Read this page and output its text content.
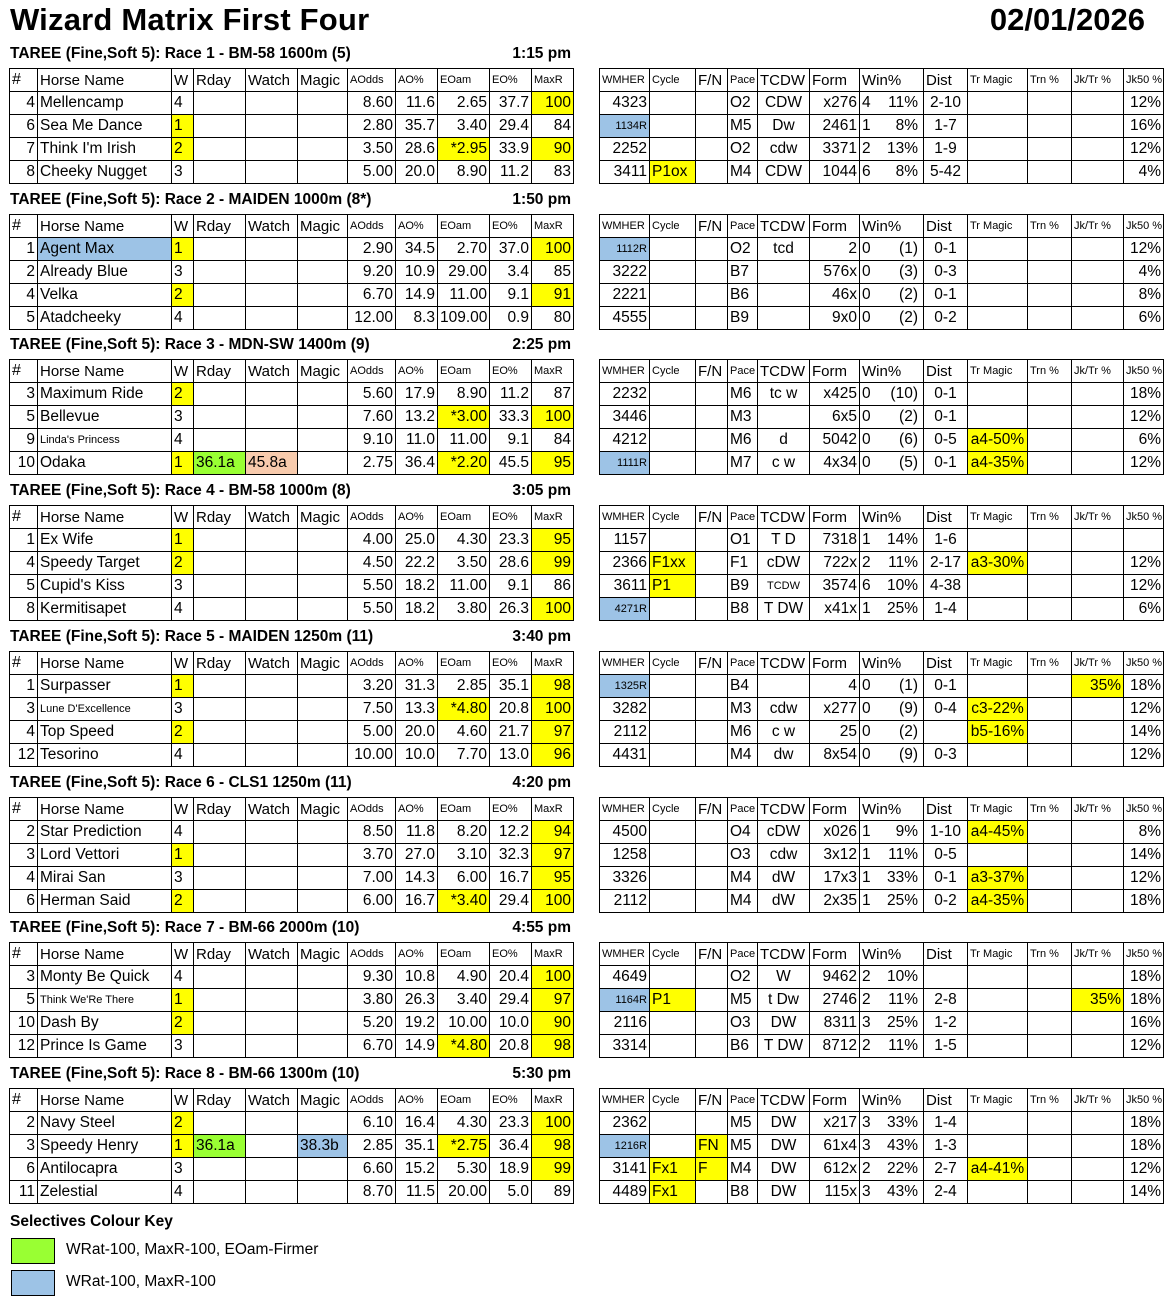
Wizard Matrix First Four	02/01/2026
TAREE (Fine,Soft 5): Race 1 - BM-58 1600m (5)	1:15 pm
#	Horse Name	W	Rday	Watch	Magic	AOdds	AO%	EOam	EO%	MaxR
4	Mellencamp	4				8.60	11.6	2.65	37.7	100
6	Sea Me Dance	1				2.80	35.7	3.40	29.4	84
7	Think I'm Irish	2				3.50	28.6	*2.95	33.9	90
8	Cheeky Nugget	3				5.00	20.0	8.90	11.2	83
WMHER	Cycle	F/N	Pace	TCDW	Form	Win%	Dist	Tr Magic	Trn %	Jk/Tr %	Jk50 %
4323			O2	CDW	x276	4 11%	2-10				12%
1134R			M5	Dw	2461	1 8%	1-7				16%
2252			O2	cdw	3371	2 13%	1-9				12%
3411	P1ox		M4	CDW	1044	6 8%	5-42				4%
TAREE (Fine,Soft 5): Race 2 - MAIDEN 1000m (8*)	1:50 pm
#	Horse Name	W	Rday	Watch	Magic	AOdds	AO%	EOam	EO%	MaxR
1	Agent Max	1				2.90	34.5	2.70	37.0	100
2	Already Blue	3				9.20	10.9	29.00	3.4	85
4	Velka	2				6.70	14.9	11.00	9.1	91
5	Atadcheeky	4				12.00	8.3	109.00	0.9	80
WMHER	Cycle	F/N	Pace	TCDW	Form	Win%	Dist	Tr Magic	Trn %	Jk/Tr %	Jk50 %
1112R			O2	tcd	2	0 (1)	0-1				12%
3222			B7		576x	0 (3)	0-3				4%
2221			B6		46x	0 (2)	0-1				8%
4555			B9		9x0	0 (2)	0-2				6%
TAREE (Fine,Soft 5): Race 3 - MDN-SW 1400m (9)	2:25 pm
#	Horse Name	W	Rday	Watch	Magic	AOdds	AO%	EOam	EO%	MaxR
3	Maximum Ride	2				5.60	17.9	8.90	11.2	87
5	Bellevue	3				7.60	13.2	*3.00	33.3	100
9	Linda's Princess	4				9.10	11.0	11.00	9.1	84
10	Odaka	1	36.1a	45.8a		2.75	36.4	*2.20	45.5	95
WMHER	Cycle	F/N	Pace	TCDW	Form	Win%	Dist	Tr Magic	Trn %	Jk/Tr %	Jk50 %
2232			M6	tc w	x425	0 (10)	0-1				18%
3446			M3		6x5	0 (2)	0-1				12%
4212			M6	d	5042	0 (6)	0-5	a4-50%			6%
1111R			M7	c w	4x34	0 (5)	0-1	a4-35%			12%
TAREE (Fine,Soft 5): Race 4 - BM-58 1000m (8)	3:05 pm
#	Horse Name	W	Rday	Watch	Magic	AOdds	AO%	EOam	EO%	MaxR
1	Ex Wife	1				4.00	25.0	4.30	23.3	95
4	Speedy Target	2				4.50	22.2	3.50	28.6	99
5	Cupid's Kiss	3				5.50	18.2	11.00	9.1	86
8	Kermitisapet	4				5.50	18.2	3.80	26.3	100
WMHER	Cycle	F/N	Pace	TCDW	Form	Win%	Dist	Tr Magic	Trn %	Jk/Tr %	Jk50 %
1157			O1	T D	7318	1 14%	1-6				
2366	F1xx		F1	cDW	722x	2 11%	2-17	a3-30%			12%
3611	P1		B9	TCDW	3574	6 10%	4-38				12%
4271R			B8	T DW	x41x	1 25%	1-4				6%
TAREE (Fine,Soft 5): Race 5 - MAIDEN 1250m (11)	3:40 pm
#	Horse Name	W	Rday	Watch	Magic	AOdds	AO%	EOam	EO%	MaxR
1	Surpasser	1				3.20	31.3	2.85	35.1	98
3	Lune D'Excellence	3				7.50	13.3	*4.80	20.8	100
4	Top Speed	2				5.00	20.0	4.60	21.7	97
12	Tesorino	4				10.00	10.0	7.70	13.0	96
WMHER	Cycle	F/N	Pace	TCDW	Form	Win%	Dist	Tr Magic	Trn %	Jk/Tr %	Jk50 %
1325R			B4		4	0 (1)	0-1			35%	18%
3282			M3	cdw	x277	0 (9)	0-4	c3-22%			12%
2112			M6	c w	25	0 (2)		b5-16%			14%
4431			M4	dw	8x54	0 (9)	0-3				12%
TAREE (Fine,Soft 5): Race 6 - CLS1 1250m (11)	4:20 pm
#	Horse Name	W	Rday	Watch	Magic	AOdds	AO%	EOam	EO%	MaxR
2	Star Prediction	4				8.50	11.8	8.20	12.2	94
3	Lord Vettori	1				3.70	27.0	3.10	32.3	97
4	Mirai San	3				7.00	14.3	6.00	16.7	95
6	Herman Said	2				6.00	16.7	*3.40	29.4	100
WMHER	Cycle	F/N	Pace	TCDW	Form	Win%	Dist	Tr Magic	Trn %	Jk/Tr %	Jk50 %
4500			O4	cDW	x026	1 9%	1-10	a4-45%			8%
1258			O3	cdw	3x12	1 11%	0-5				14%
3326			M4	dW	17x3	1 33%	0-1	a3-37%			12%
2112			M4	dW	2x35	1 25%	0-2	a4-35%			18%
TAREE (Fine,Soft 5): Race 7 - BM-66 2000m (10)	4:55 pm
#	Horse Name	W	Rday	Watch	Magic	AOdds	AO%	EOam	EO%	MaxR
3	Monty Be Quick	4				9.30	10.8	4.90	20.4	100
5	Think We'Re There	1				3.80	26.3	3.40	29.4	97
10	Dash By	2				5.20	19.2	10.00	10.0	90
12	Prince Is Game	3				6.70	14.9	*4.80	20.8	98
WMHER	Cycle	F/N	Pace	TCDW	Form	Win%	Dist	Tr Magic	Trn %	Jk/Tr %	Jk50 %
4649			O2	W	9462	2 10%					18%
1164R	P1		M5	t Dw	2746	2 11%	2-8			35%	18%
2116			O3	DW	8311	3 25%	1-2				16%
3314			B6	T DW	8712	2 11%	1-5				12%
TAREE (Fine,Soft 5): Race 8 - BM-66 1300m (10)	5:30 pm
#	Horse Name	W	Rday	Watch	Magic	AOdds	AO%	EOam	EO%	MaxR
2	Navy Steel	2				6.10	16.4	4.30	23.3	100
3	Speedy Henry	1	36.1a		38.3b	2.85	35.1	*2.75	36.4	98
6	Antilocapra	3				6.60	15.2	5.30	18.9	99
11	Zelestial	4				8.70	11.5	20.00	5.0	89
WMHER	Cycle	F/N	Pace	TCDW	Form	Win%	Dist	Tr Magic	Trn %	Jk/Tr %	Jk50 %
2362			M5	DW	x217	3 33%	1-4				18%
1216R		FN	M5	DW	61x4	3 43%	1-3				18%
3141	Fx1	F	M4	DW	612x	2 22%	2-7	a4-41%			12%
4489	Fx1		B8	DW	115x	3 43%	2-4				14%
Selectives Colour Key
WRat-100, MaxR-100, EOam-Firmer
WRat-100, MaxR-100
